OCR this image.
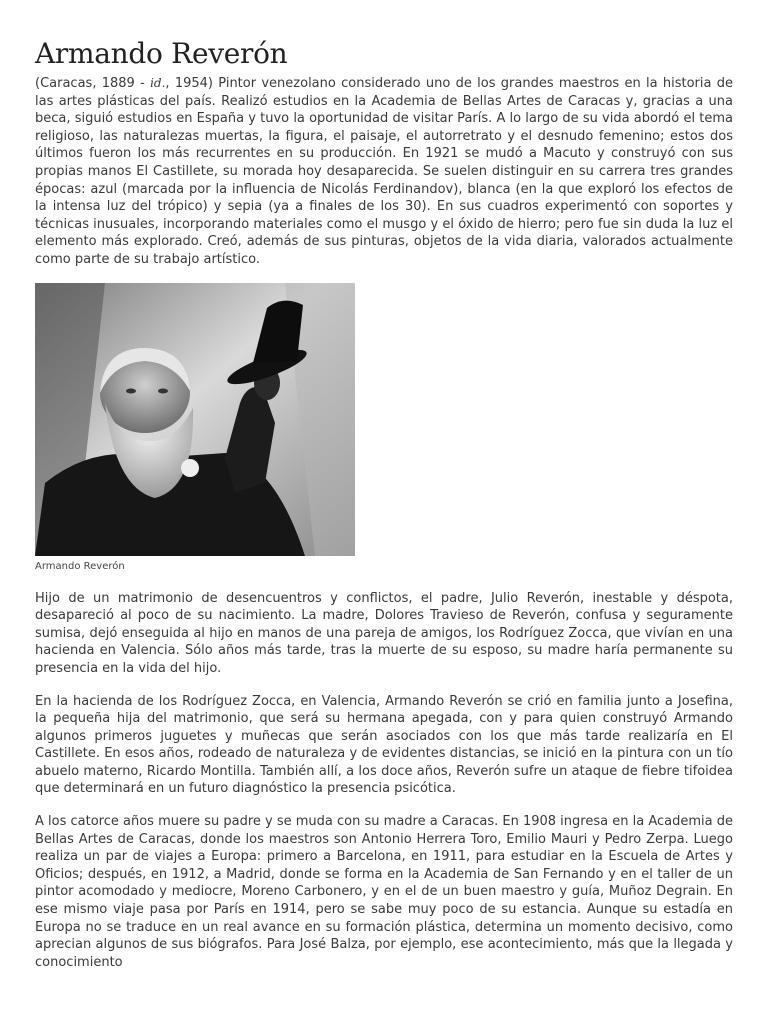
Armando Reverón

(Caracas, 1889 - id., 1954) Pintor venezolano considerado uno de los grandes maestros en la historia de las artes plásticas del país. Realizó estudios en la Academia de Bellas Artes de Caracas y, gracias a una beca, siguió estudios en España y tuvo la oportunidad de visitar París. A lo largo de su vida abordó el tema religioso, las naturalezas muertas, la figura, el paisaje, el autorretrato y el desnudo femenino; estos dos últimos fueron los más recurrentes en su producción. En 1921 se mudó a Macuto y construyó con sus propias manos El Castillete, su morada hoy desaparecida. Se suelen distinguir en su carrera tres grandes épocas: azul (marcada por la influencia de Nicolás Ferdinandov), blanca (en la que exploró los efectos de la intensa luz del trópico) y sepia (ya a finales de los 30). En sus cuadros experimentó con soportes y técnicas inusuales, incorporando materiales como el musgo y el óxido de hierro; pero fue sin duda la luz el elemento más explorado. Creó, además de sus pinturas, objetos de la vida diaria, valorados actualmente como parte de su trabajo artístico.

Armando Reverón

Hijo de un matrimonio de desencuentros y conflictos, el padre, Julio Reverón, inestable y déspota, desapareció al poco de su nacimiento. La madre, Dolores Travieso de Reverón, confusa y seguramente sumisa, dejó enseguida al hijo en manos de una pareja de amigos, los Rodríguez Zocca, que vivían en una hacienda en Valencia. Sólo años más tarde, tras la muerte de su esposo, su madre haría permanente su presencia en la vida del hijo.

En la hacienda de los Rodríguez Zocca, en Valencia, Armando Reverón se crió en familia junto a Josefina, la pequeña hija del matrimonio, que será su hermana apegada, con y para quien construyó Armando algunos primeros juguetes y muñecas que serán asociados con los que más tarde realizaría en El Castillete. En esos años, rodeado de naturaleza y de evidentes distancias, se inició en la pintura con un tío abuelo materno, Ricardo Montilla. También allí, a los doce años, Reverón sufre un ataque de fiebre tifoidea que determinará en un futuro diagnóstico la presencia psicótica.

A los catorce años muere su padre y se muda con su madre a Caracas. En 1908 ingresa en la Academia de Bellas Artes de Caracas, donde los maestros son Antonio Herrera Toro, Emilio Mauri y Pedro Zerpa. Luego realiza un par de viajes a Europa: primero a Barcelona, en 1911, para estudiar en la Escuela de Artes y Oficios; después, en 1912, a Madrid, donde se forma en la Academia de San Fernando y en el taller de un pintor acomodado y mediocre, Moreno Carbonero, y en el de un buen maestro y guía, Muñoz Degrain. En ese mismo viaje pasa por París en 1914, pero se sabe muy poco de su estancia. Aunque su estadía en Europa no se traduce en un real avance en su formación plástica, determina un momento decisivo, como aprecian algunos de sus biógrafos. Para José Balza, por ejemplo, ese acontecimiento, más que la llegada y conocimiento
